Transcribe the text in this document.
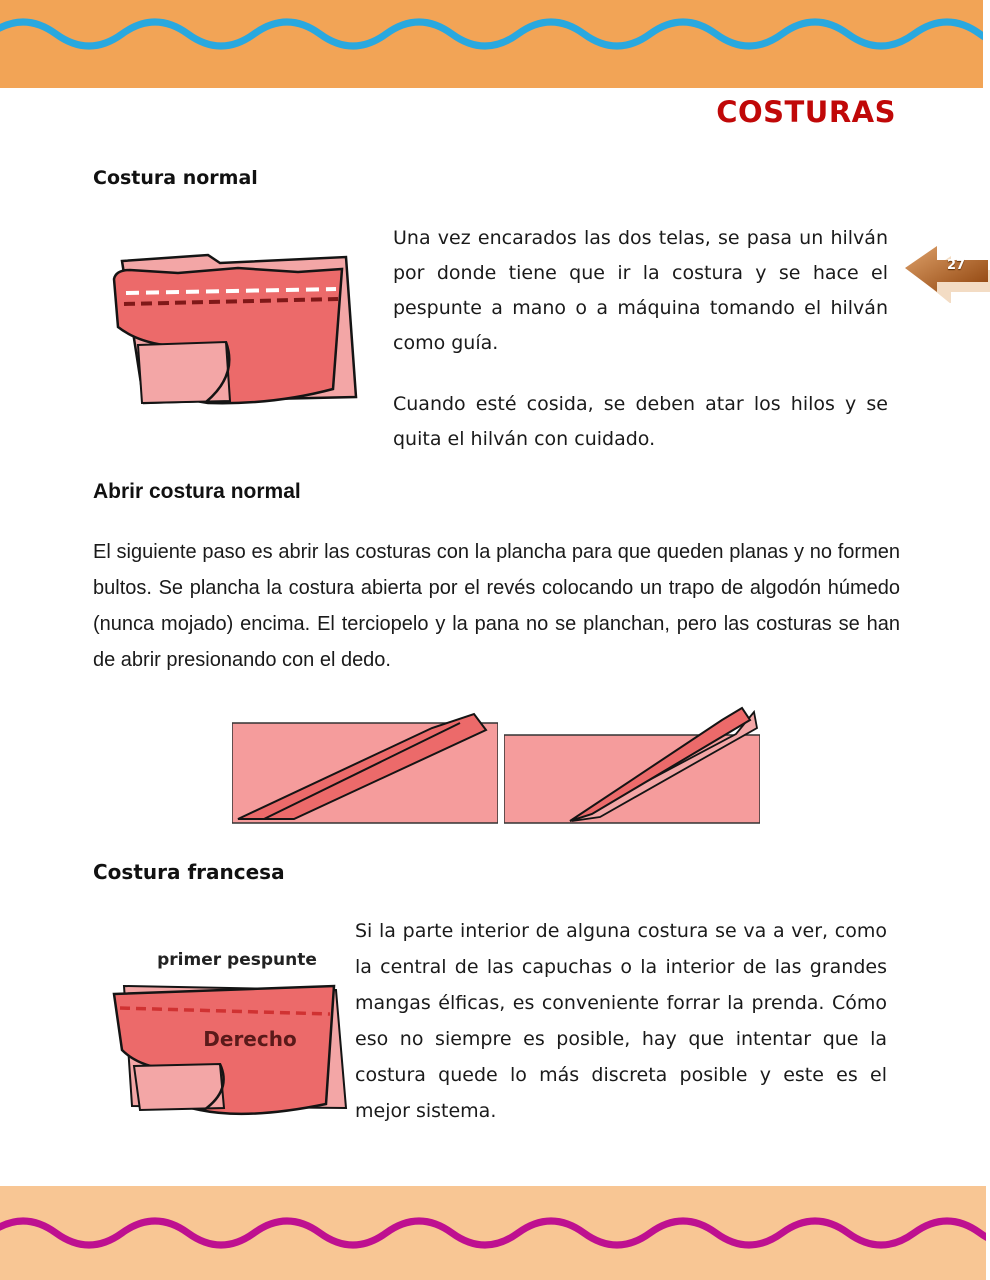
COSTURAS
27
Costura normal

Una vez encarados las dos telas, se pasa un hilván por donde tiene que ir la costura y se hace el pespunte a mano o a máquina tomando el hilván como guía.

Cuando esté cosida, se deben atar los hilos y se quita el hilván con cuidado.

Abrir costura normal

El siguiente paso es abrir las costuras con la plancha para que queden planas y no formen bultos. Se plancha la costura abierta por el revés colocando un trapo de algodón húmedo (nunca mojado) encima. El terciopelo y la pana no se planchan, pero las costuras se han de abrir presionando con el dedo.

Costura francesa
primer pespunte
Derecho

Si la parte interior de alguna costura se va a ver, como la central de las capuchas o la interior de las grandes mangas élficas, es conveniente forrar la prenda. Cómo eso no siempre es posible, hay que intentar que la costura quede lo más discreta posible y este es el mejor sistema.
